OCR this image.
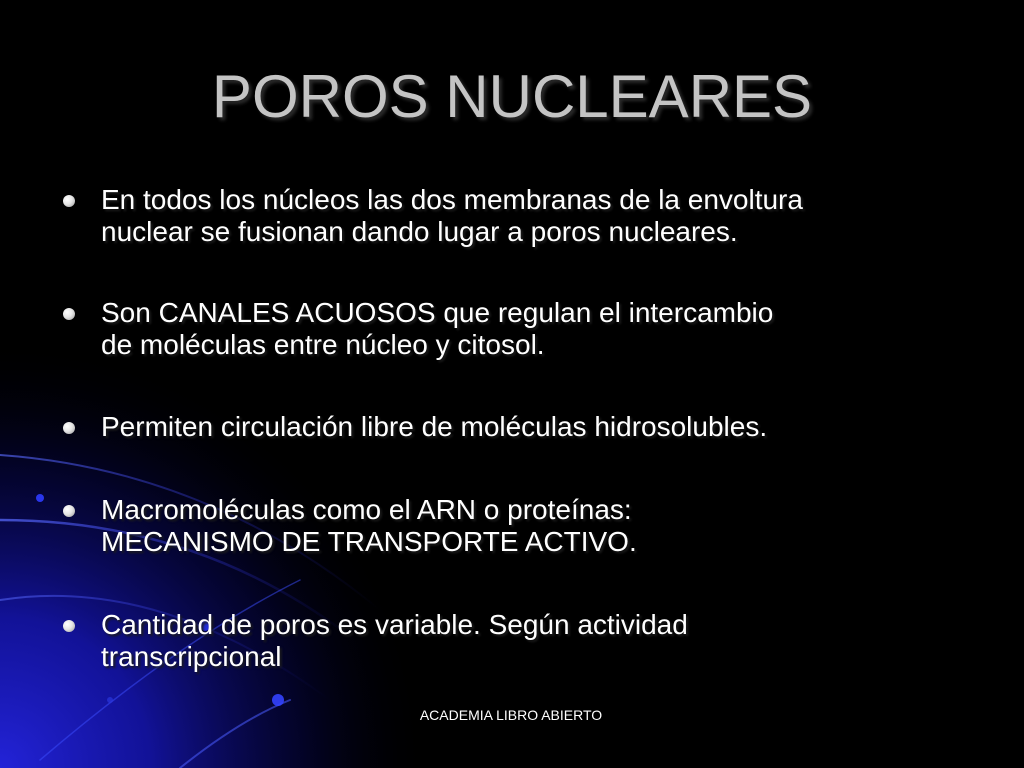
POROS NUCLEARES
En todos los núcleos las dos membranas de la envoltura
nuclear se fusionan dando lugar a poros nucleares.
Son CANALES ACUOSOS que regulan el intercambio
de moléculas entre núcleo y citosol.
Permiten circulación libre de moléculas hidrosolubles.
Macromoléculas como el ARN o proteínas:
MECANISMO DE TRANSPORTE ACTIVO.
Cantidad de poros es variable. Según actividad
transcripcional
ACADEMIA LIBRO ABIERTO
